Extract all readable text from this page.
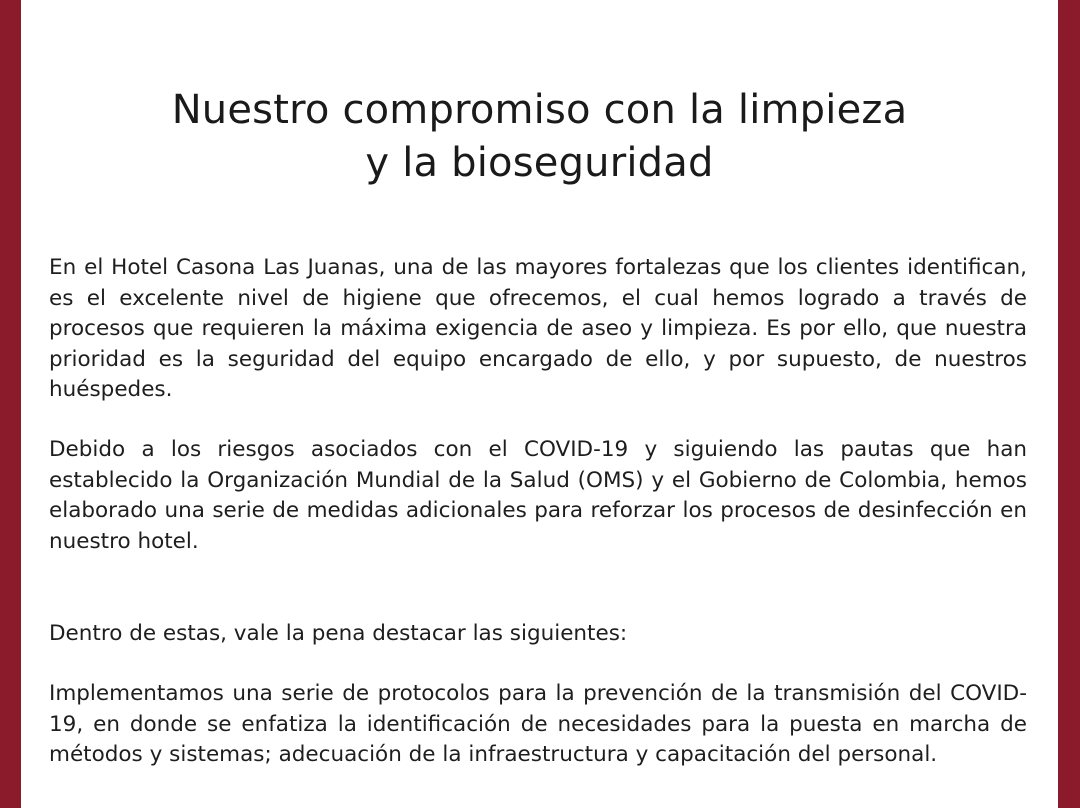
Nuestro compromiso con la limpieza
y la bioseguridad

En el Hotel Casona Las Juanas, una de las mayores fortalezas que los clientes identifican, es el excelente nivel de higiene que ofrecemos, el cual hemos logrado a través de procesos que requieren la máxima exigencia de aseo y limpieza. Es por ello, que nuestra prioridad es la seguridad del equipo encargado de ello, y por supuesto, de nuestros huéspedes.

Debido a los riesgos asociados con el COVID-19 y siguiendo las pautas que han establecido la Organización Mundial de la Salud (OMS) y el Gobierno de Colombia, hemos elaborado una serie de medidas adicionales para reforzar los procesos de desinfección en nuestro hotel.

Dentro de estas, vale la pena destacar las siguientes:

Implementamos una serie de protocolos para la prevención de la transmisión del COVID-19, en donde se enfatiza la identificación de necesidades para la puesta en marcha de métodos y sistemas; adecuación de la infraestructura y capacitación del personal.
